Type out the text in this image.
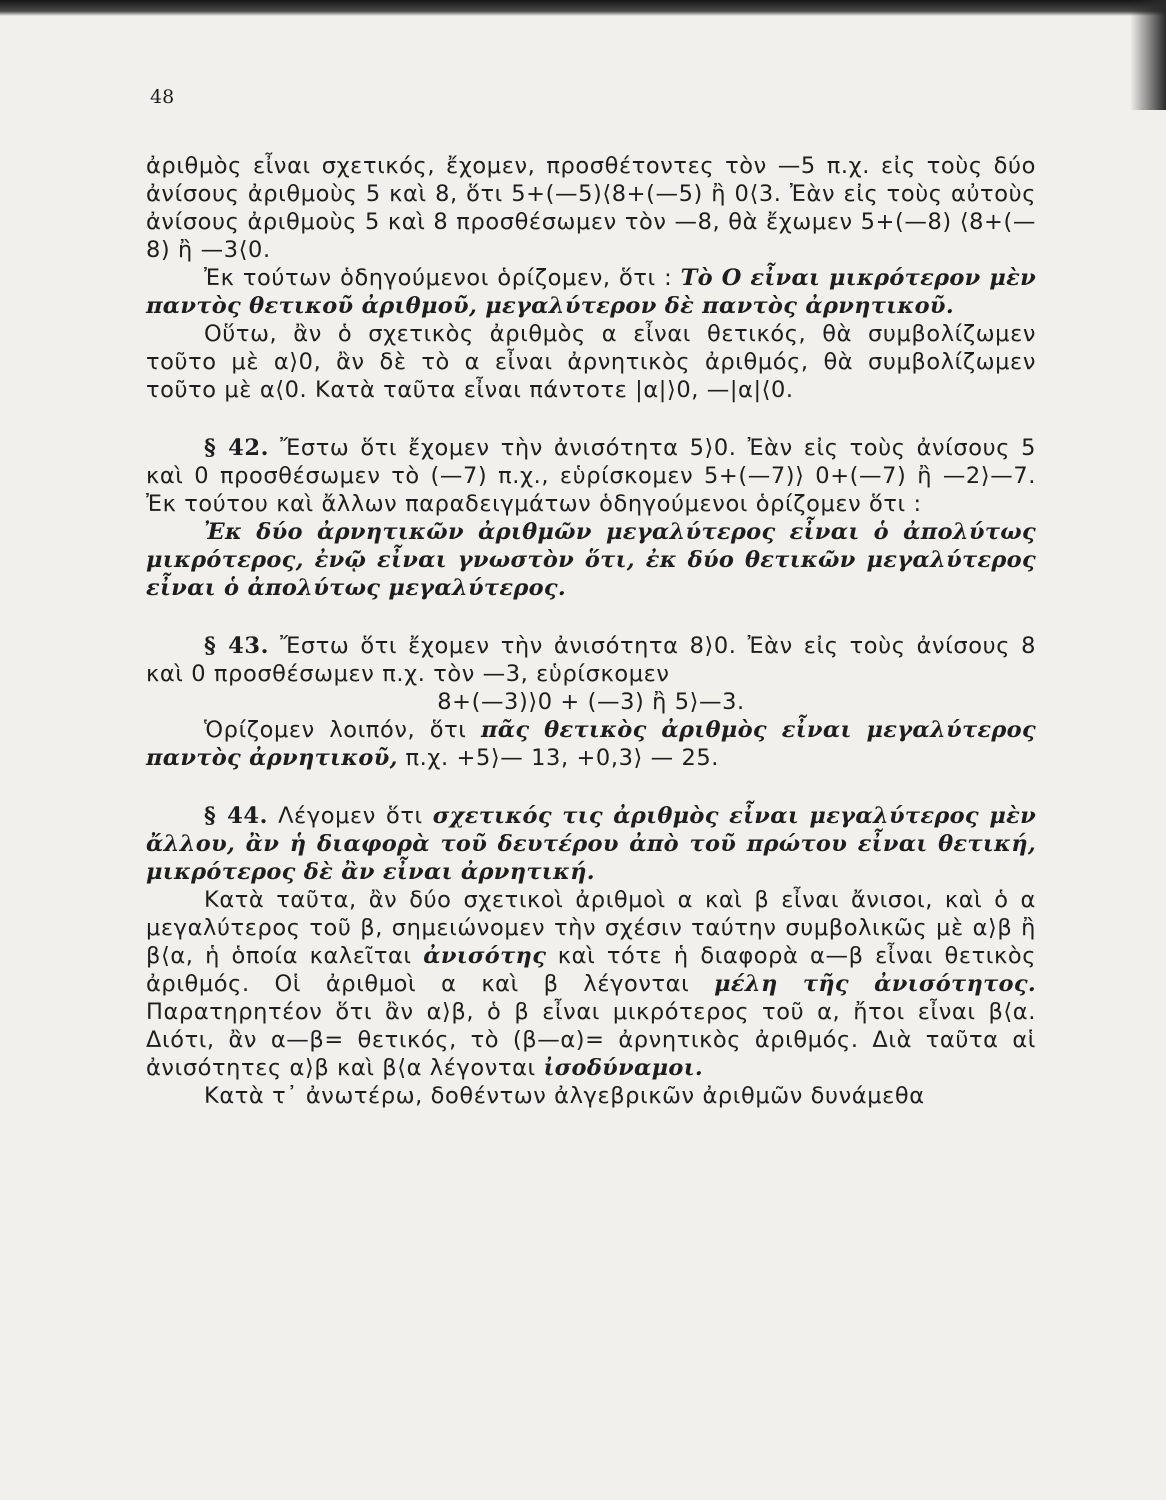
48

ἀριθμὸς εἶναι σχετικός, ἔχομεν, προσθέτοντες τὸν —5 π.χ. εἰς τοὺς δύο ἀνίσους ἀριθμοὺς 5 καὶ 8, ὅτι 5+(—5)⟨8+(—5) ἢ 0⟨3. Ἐὰν εἰς τοὺς αὐτοὺς ἀνίσους ἀριθμοὺς 5 καὶ 8 προσθέσωμεν τὸν —8, θὰ ἔχωμεν 5+(—8) ⟨8+(—8) ἢ —3⟨0.

Ἐκ τούτων ὁδηγούμενοι ὁρίζομεν, ὅτι : Τὸ Ο εἶναι μικρότερον μὲν παντὸς θετικοῦ ἀριθμοῦ, μεγαλύτερον δὲ παντὸς ἀρνητικοῦ.

Οὕτω, ἂν ὁ σχετικὸς ἀριθμὸς α εἶναι θετικός, θὰ συμβολίζωμεν τοῦτο μὲ α⟩0, ἂν δὲ τὸ α εἶναι ἀρνητικὸς ἀριθμός, θὰ συμβολίζωμεν τοῦτο μὲ α⟨0. Κατὰ ταῦτα εἶναι πάντοτε |α|⟩0, —|α|⟨0.

§ 42. Ἔστω ὅτι ἔχομεν τὴν ἀνισότητα 5⟩0. Ἐὰν εἰς τοὺς ἀνίσους 5 καὶ 0 προσθέσωμεν τὸ (—7) π.χ., εὑρίσκομεν 5+(—7)⟩ 0+(—7) ἢ —2⟩—7. Ἐκ τούτου καὶ ἄλλων παραδειγμάτων ὁδηγούμενοι ὁρίζομεν ὅτι :

Ἐκ δύο ἀρνητικῶν ἀριθμῶν μεγαλύτερος εἶναι ὁ ἀπολύτως μικρότερος, ἐνῷ εἶναι γνωστὸν ὅτι, ἐκ δύο θετικῶν μεγαλύτερος εἶναι ὁ ἀπολύτως μεγαλύτερος.

§ 43. Ἔστω ὅτι ἔχομεν τὴν ἀνισότητα 8⟩0. Ἐὰν εἰς τοὺς ἀνίσους 8 καὶ 0 προσθέσωμεν π.χ. τὸν —3, εὑρίσκομεν

8+(—3)⟩0 + (—3) ἢ 5⟩—3.

Ὁρίζομεν λοιπόν, ὅτι πᾶς θετικὸς ἀριθμὸς εἶναι μεγαλύτερος παντὸς ἀρνητικοῦ, π.χ. +5⟩— 13, +0,3⟩ — 25.

§ 44. Λέγομεν ὅτι σχετικός τις ἀριθμὸς εἶναι μεγαλύτερος μὲν ἄλλου, ἂν ἡ διαφορὰ τοῦ δευτέρου ἀπὸ τοῦ πρώτου εἶναι θετική, μικρότερος δὲ ἂν εἶναι ἀρνητική.

Κατὰ ταῦτα, ἂν δύο σχετικοὶ ἀριθμοὶ α καὶ β εἶναι ἄνισοι, καὶ ὁ α μεγαλύτερος τοῦ β, σημειώνομεν τὴν σχέσιν ταύτην συμβολικῶς μὲ α⟩β ἢ β⟨α, ἡ ὁποία καλεῖται ἀνισότης καὶ τότε ἡ διαφορὰ α—β εἶναι θετικὸς ἀριθμός. Οἱ ἀριθμοὶ α καὶ β λέγονται μέλη τῆς ἀνισότητος. Παρατηρητέον ὅτι ἂν α⟩β, ὁ β εἶναι μικρότερος τοῦ α, ἤτοι εἶναι β⟨α. Διότι, ἂν α—β= θετικός, τὸ (β—α)= ἀρνητικὸς ἀριθμός. Διὰ ταῦτα αἱ ἀνισότητες α⟩β καὶ β⟨α λέγονται ἰσοδύναμοι.

Κατὰ τ᾽ ἀνωτέρω, δοθέντων ἀλγεβρικῶν ἀριθμῶν δυνάμεθα
